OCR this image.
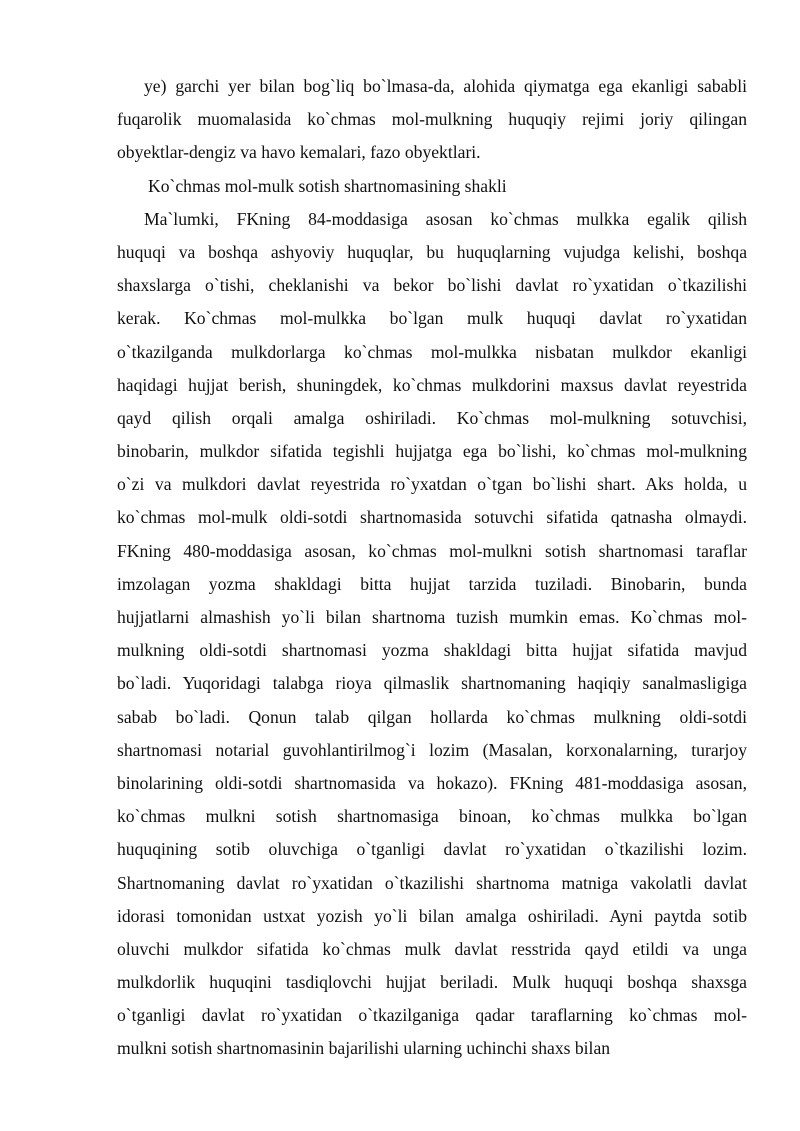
ye) garchi yer bilan bog`liq bo`lmasa-da, alohida qiymatga ega ekanligi sababli
fuqarolik muomalasida ko`chmas mol-mulkning huquqiy rejimi joriy qilingan
obyektlar-dengiz va havo kemalari, fazo obyektlari.
Ko`chmas mol-mulk sotish shartnomasining shakli
Ma`lumki, FKning 84-moddasiga asosan ko`chmas mulkka egalik qilish
huquqi va boshqa ashyoviy huquqlar, bu huquqlarning vujudga kelishi, boshqa
shaxslarga o`tishi, cheklanishi va bekor bo`lishi davlat ro`yxatidan o`tkazilishi
kerak. Ko`chmas mol-mulkka bo`lgan mulk huquqi davlat ro`yxatidan
o`tkazilganda mulkdorlarga ko`chmas mol-mulkka nisbatan mulkdor ekanligi
haqidagi hujjat berish, shuningdek, ko`chmas mulkdorini maxsus davlat reyestrida
qayd qilish orqali amalga oshiriladi. Ko`chmas mol-mulkning sotuvchisi,
binobarin, mulkdor sifatida tegishli hujjatga ega bo`lishi, ko`chmas mol-mulkning
o`zi va mulkdori davlat reyestrida ro`yxatdan o`tgan bo`lishi shart. Aks holda, u
ko`chmas mol-mulk oldi-sotdi shartnomasida sotuvchi sifatida qatnasha olmaydi.
FKning 480-moddasiga asosan, ko`chmas mol-mulkni sotish shartnomasi taraflar
imzolagan yozma shakldagi bitta hujjat tarzida tuziladi. Binobarin, bunda
hujjatlarni almashish yo`li bilan shartnoma tuzish mumkin emas. Ko`chmas mol-
mulkning oldi-sotdi shartnomasi yozma shakldagi bitta hujjat sifatida mavjud
bo`ladi. Yuqoridagi talabga rioya qilmaslik shartnomaning haqiqiy sanalmasligiga
sabab bo`ladi. Qonun talab qilgan hollarda ko`chmas mulkning oldi-sotdi
shartnomasi notarial guvohlantirilmog`i lozim (Masalan, korxonalarning, turarjoy
binolarining oldi-sotdi shartnomasida va hokazo). FKning 481-moddasiga asosan,
ko`chmas mulkni sotish shartnomasiga binoan, ko`chmas mulkka bo`lgan
huquqining sotib oluvchiga o`tganligi davlat ro`yxatidan o`tkazilishi lozim.
Shartnomaning davlat ro`yxatidan o`tkazilishi shartnoma matniga vakolatli davlat
idorasi tomonidan ustxat yozish yo`li bilan amalga oshiriladi. Ayni paytda sotib
oluvchi mulkdor sifatida ko`chmas mulk davlat resstrida qayd etildi va unga
mulkdorlik huquqini tasdiqlovchi hujjat beriladi. Mulk huquqi boshqa shaxsga
o`tganligi davlat ro`yxatidan o`tkazilganiga qadar taraflarning ko`chmas mol-
mulkni sotish shartnomasinin bajarilishi ularning uchinchi shaxs bilan
